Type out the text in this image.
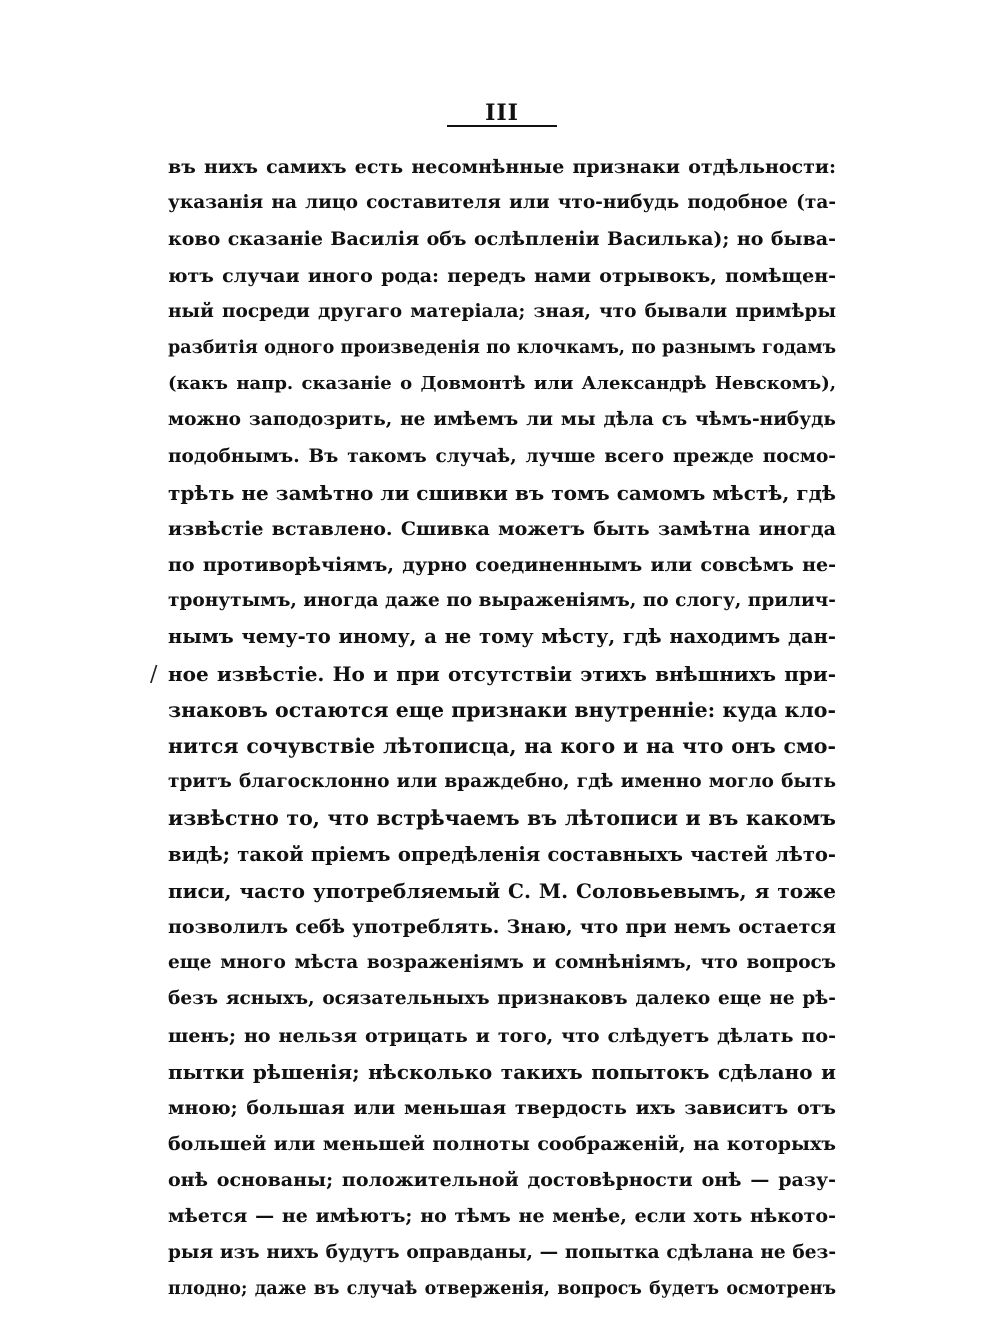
III
∕
въ нихъ самихъ есть несомнѣнные признаки отдѣльности:
указанія на лицо составителя или что-нибудь подобное (та-
ково сказаніе Василія объ ослѣпленіи Василька); но быва-
ютъ случаи иного рода: передъ нами отрывокъ, помѣщен-
ный посреди другаго матеріала; зная, что бывали примѣры
разбитія одного произведенія по клочкамъ, по разнымъ годамъ
(какъ напр. сказаніе о Довмонтѣ или Александрѣ Невскомъ),
можно заподозрить, не имѣемъ ли мы дѣла съ чѣмъ-нибудь
подобнымъ. Въ такомъ случаѣ, лучше всего прежде посмо-
трѣть не замѣтно ли сшивки въ томъ самомъ мѣстѣ, гдѣ
извѣстіе вставлено. Сшивка можетъ быть замѣтна иногда
по противорѣчіямъ, дурно соединеннымъ или совсѣмъ не-
тронутымъ, иногда даже по выраженіямъ, по слогу, прилич-
нымъ чему-то иному, а не тому мѣсту, гдѣ находимъ дан-
ное извѣстіе. Но и при отсутствіи этихъ внѣшнихъ при-
знаковъ остаются еще признаки внутренніе: куда кло-
нится сочувствіе лѣтописца, на кого и на что онъ смо-
тритъ благосклонно или враждебно, гдѣ именно могло быть
извѣстно то, что встрѣчаемъ въ лѣтописи и въ какомъ
видѣ; такой пріемъ опредѣленія составныхъ частей лѣто-
писи, часто употребляемый С. М. Соловьевымъ, я тоже
позволилъ себѣ употреблять. Знаю, что при немъ остается
еще много мѣста возраженіямъ и сомнѣніямъ, что вопросъ
безъ ясныхъ, осязательныхъ признаковъ далеко еще не рѣ-
шенъ; но нельзя отрицать и того, что слѣдуетъ дѣлать по-
пытки рѣшенія; нѣсколько такихъ попытокъ сдѣлано и
мною; большая или меньшая твердость ихъ зависитъ отъ
большей или меньшей полноты соображеній, на которыхъ
онѣ основаны; положительной достовѣрности онѣ — разу-
мѣется — не имѣютъ; но тѣмъ не менѣе, если хоть нѣкото-
рыя изъ нихъ будутъ оправданы, — попытка сдѣлана не без-
плодно; даже въ случаѣ отверженія, вопросъ будетъ осмотренъ
